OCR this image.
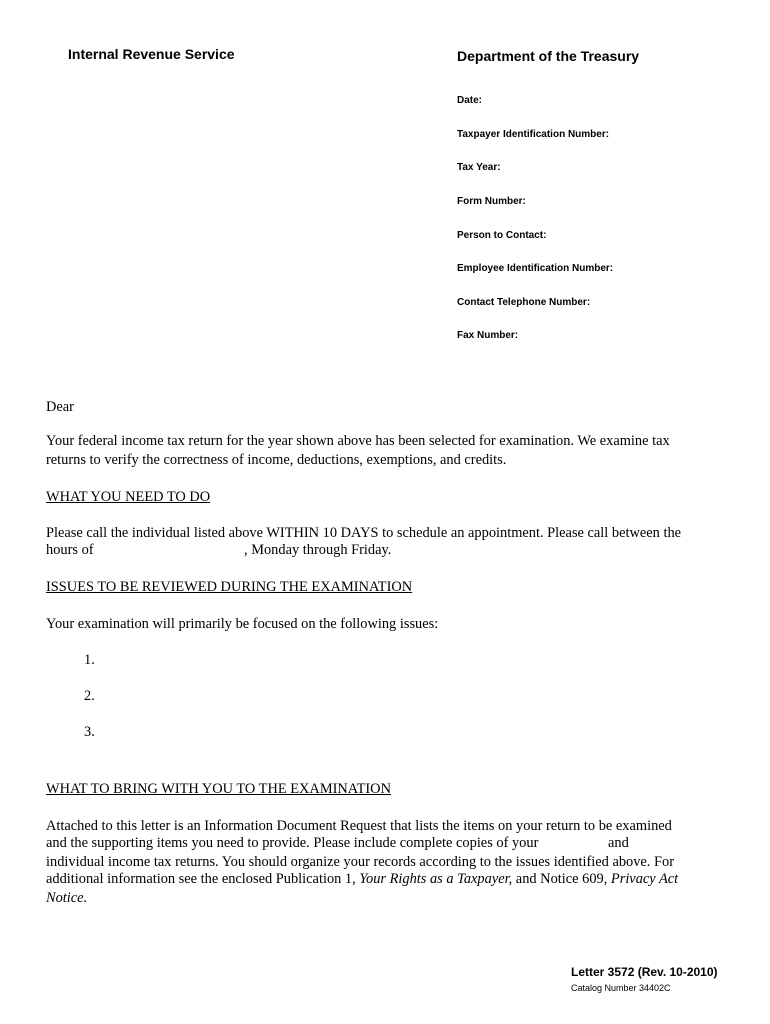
Internal Revenue Service	Department of the Treasury
Date:
Taxpayer Identification Number:
Tax Year:
Form Number:
Person to Contact:
Employee Identification Number:
Contact Telephone Number:
Fax Number:
Dear
Your federal income tax return for the year shown above has been selected for examination. We examine tax
returns to verify the correctness of income, deductions, exemptions, and credits.
WHAT YOU NEED TO DO
Please call the individual listed above WITHIN 10 DAYS to schedule an appointment. Please call between the
hours of	, Monday through Friday.
ISSUES TO BE REVIEWED DURING THE EXAMINATION
Your examination will primarily be focused on the following issues:
1.
2.
3.
WHAT TO BRING WITH YOU TO THE EXAMINATION
Attached to this letter is an Information Document Request that lists the items on your return to be examined
and the supporting items you need to provide. Please include complete copies of your	and
individual income tax returns. You should organize your records according to the issues identified above. For
additional information see the enclosed Publication 1, Your Rights as a Taxpayer, and Notice 609, Privacy Act
Notice.
Letter 3572 (Rev. 10-2010)
Catalog Number 34402C
